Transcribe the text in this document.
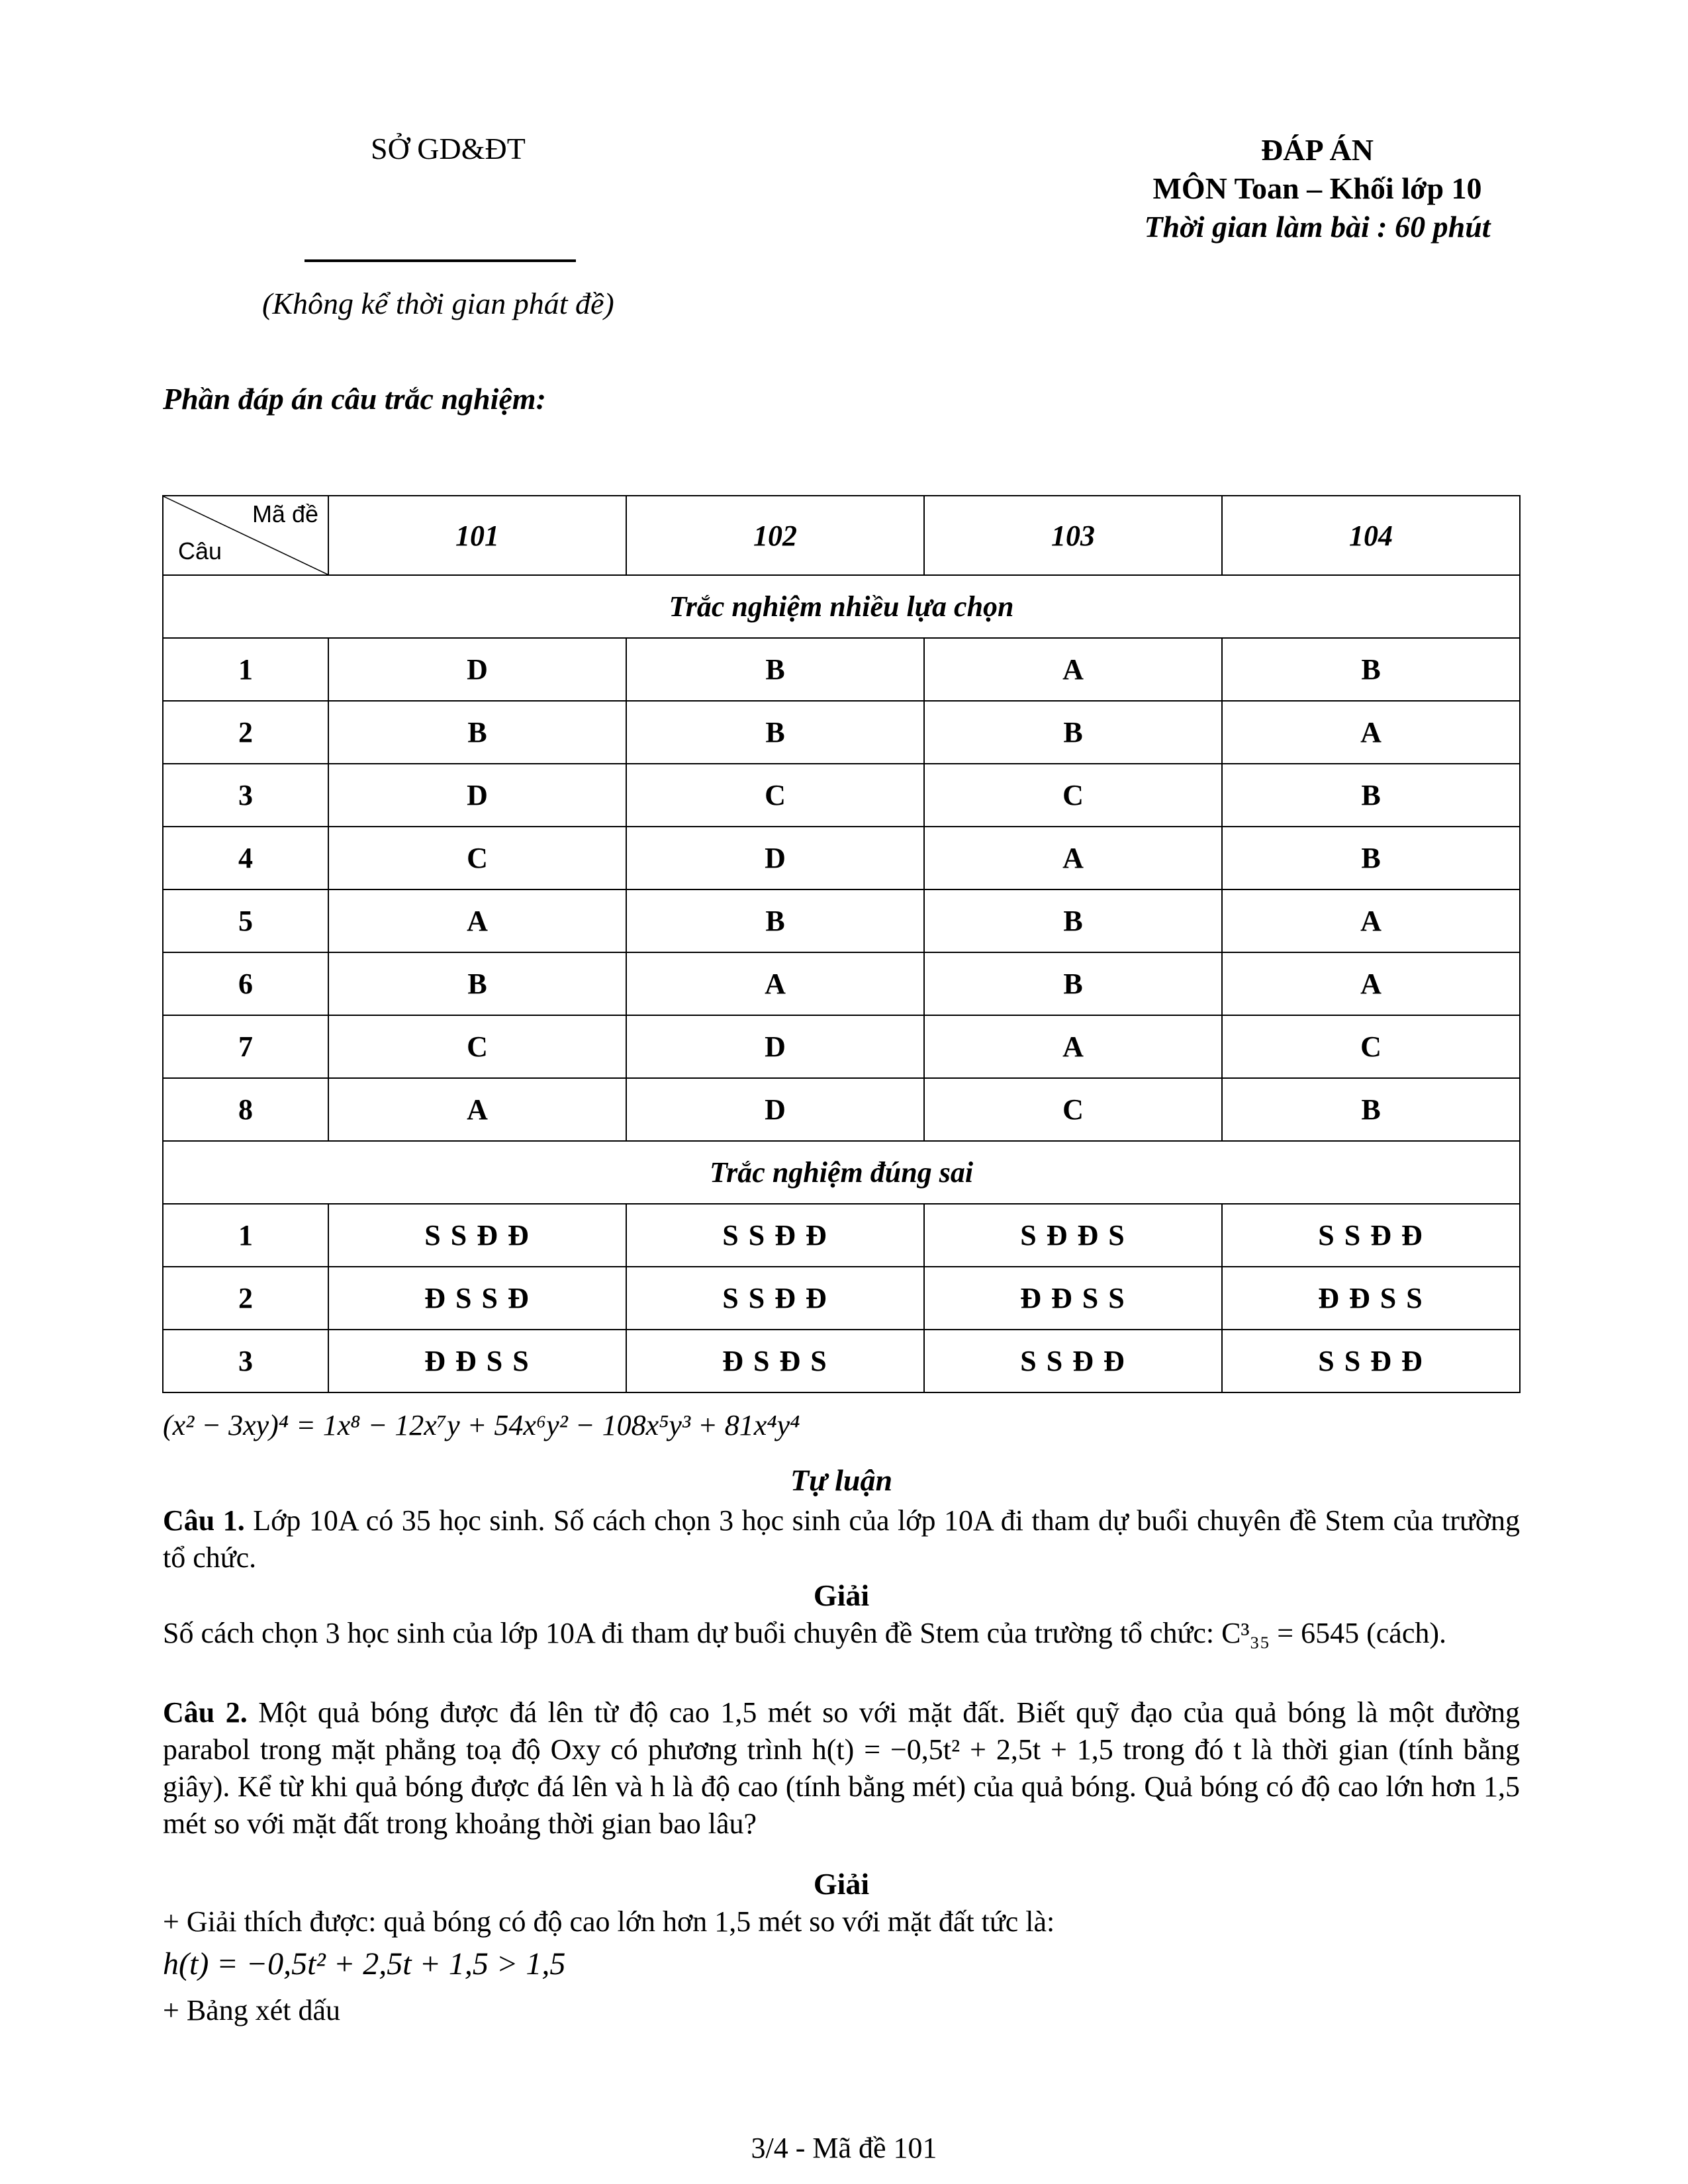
SỞ GD&ĐT
(Không kể thời gian phát đề)
ĐÁP ÁN
MÔN Toan – Khối lớp 10
Thời gian làm bài : 60 phút
Phần đáp án câu trắc nghiệm:
Mã đề
Câu	101	102	103	104
Trắc nghiệm nhiều lựa chọn				
1	D	B	A	B
2	B	B	B	A
3	D	C	C	B
4	C	D	A	B
5	A	B	B	A
6	B	A	B	A
7	C	D	A	C
8	A	D	C	B
Trắc nghiệm đúng sai				
1	S S Đ Đ	S S Đ Đ	S Đ Đ S	S S Đ Đ
2	Đ S S Đ	S S Đ Đ	Đ Đ S S	Đ Đ S S
3	Đ Đ S S	Đ S Đ S	S S Đ Đ	S S Đ Đ
(x² − 3xy)⁴ = 1x⁸ − 12x⁷y + 54x⁶y² − 108x⁵y³ + 81x⁴y⁴
Tự luận
Câu 1. Lớp 10A có 35 học sinh. Số cách chọn 3 học sinh của lớp 10A đi tham dự buổi chuyên đề Stem của trường tổ chức.
Giải
Số cách chọn 3 học sinh của lớp 10A đi tham dự buổi chuyên đề Stem của trường tổ chức: C³₃₅ = 6545 (cách).
Câu 2. Một quả bóng được đá lên từ độ cao 1,5 mét so với mặt đất. Biết quỹ đạo của quả bóng là một đường parabol trong mặt phẳng toạ độ Oxy có phương trình h(t) = −0,5t² + 2,5t + 1,5 trong đó t là thời gian (tính bằng giây). Kể từ khi quả bóng được đá lên và h là độ cao (tính bằng mét) của quả bóng. Quả bóng có độ cao lớn hơn 1,5 mét so với mặt đất trong khoảng thời gian bao lâu?
Giải
+ Giải thích được: quả bóng có độ cao lớn hơn 1,5 mét so với mặt đất tức là:
h(t) = −0,5t² + 2,5t + 1,5 > 1,5
+ Bảng xét dấu
3/4 - Mã đề 101
